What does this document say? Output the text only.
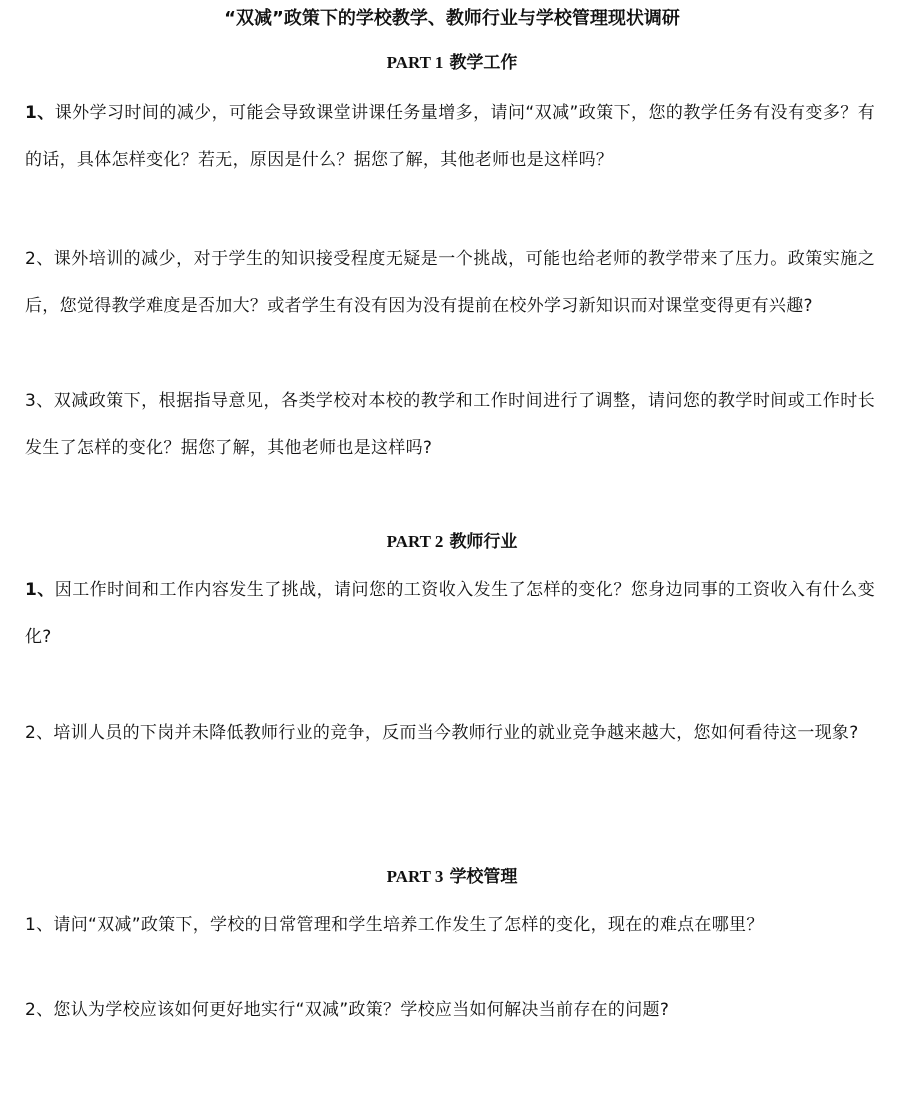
“双减”政策下的学校教学、教师行业与学校管理现状调研
PART 1 教学工作
1、课外学习时间的减少，可能会导致课堂讲课任务量增多，请问“双减”政策下，您的教学任务有没有变多？有的话，具体怎样变化？若无，原因是什么？据您了解，其他老师也是这样吗？
2、课外培训的减少，对于学生的知识接受程度无疑是一个挑战，可能也给老师的教学带来了压力。政策实施之后，您觉得教学难度是否加大？或者学生有没有因为没有提前在校外学习新知识而对课堂变得更有兴趣?
3、双减政策下，根据指导意见，各类学校对本校的教学和工作时间进行了调整，请问您的教学时间或工作时长发生了怎样的变化？据您了解，其他老师也是这样吗?
PART 2 教师行业
1、因工作时间和工作内容发生了挑战，请问您的工资收入发生了怎样的变化？您身边同事的工资收入有什么变化?
2、培训人员的下岗并未降低教师行业的竞争，反而当今教师行业的就业竞争越来越大，您如何看待这一现象?
PART 3 学校管理
1、请问“双减”政策下，学校的日常管理和学生培养工作发生了怎样的变化，现在的难点在哪里？
2、您认为学校应该如何更好地实行“双减”政策？学校应当如何解决当前存在的问题?
